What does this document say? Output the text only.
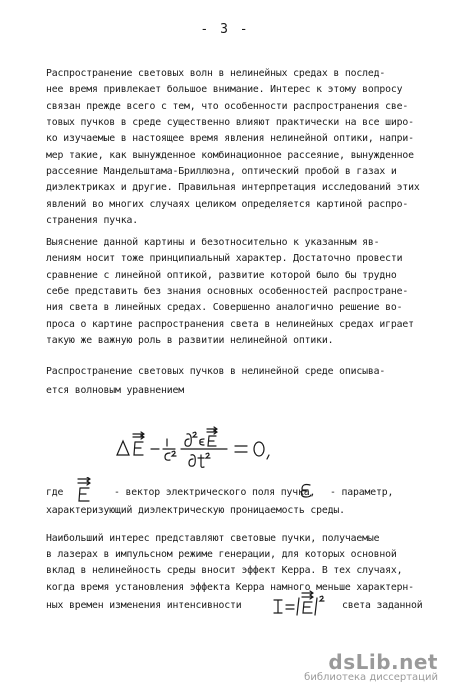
- 3 -
Распространение световых волн в нелинейных средах в послед-
нее время привлекает большое внимание. Интерес к этому вопросу
связан прежде всего с тем, что особенности распространения све-
товых пучков в среде существенно влияют практически на все широ-
ко изучаемые в настоящее время явления нелинейной оптики, напри-
мер такие, как вынужденное комбинационное рассеяние, вынужденное
рассеяние Мандельштама-Бриллюэна, оптический пробой в газах и
диэлектриках и другие. Правильная интерпретация исследований этих
явлений во многих случаях целиком определяется картиной распро-
странения пучка.
Выяснение данной картины и безотносительно к указанным яв-
лениям носит тоже принципиальный характер. Достаточно провести
сравнение с линейной оптикой, развитие которой было бы трудно
себе представить без знания основных особенностей распростране-
ния света в линейных средах. Совершенно аналогично решение во-
проса о картине распространения света в нелинейных средах играет
такую же важную роль в развитии нелинейной оптики.
Распространение световых пучков в нелинейной среде описыва-
ется волновым уравнением
где	- вектор электрического поля пучка, - параметр,
характеризующий диэлектрическую проницаемость среды.
Наибольший интерес представляют световые пучки, получаемые
в лазерах в импульсном режиме генерации, для которых основной
вклад в нелинейность среды вносит эффект Керра. В тех случаях,
когда время установления эффекта Керра намного меньше характерн-
ных времен изменения интенсивности	света заданной
dsLib.net
библиотека диссертаций
